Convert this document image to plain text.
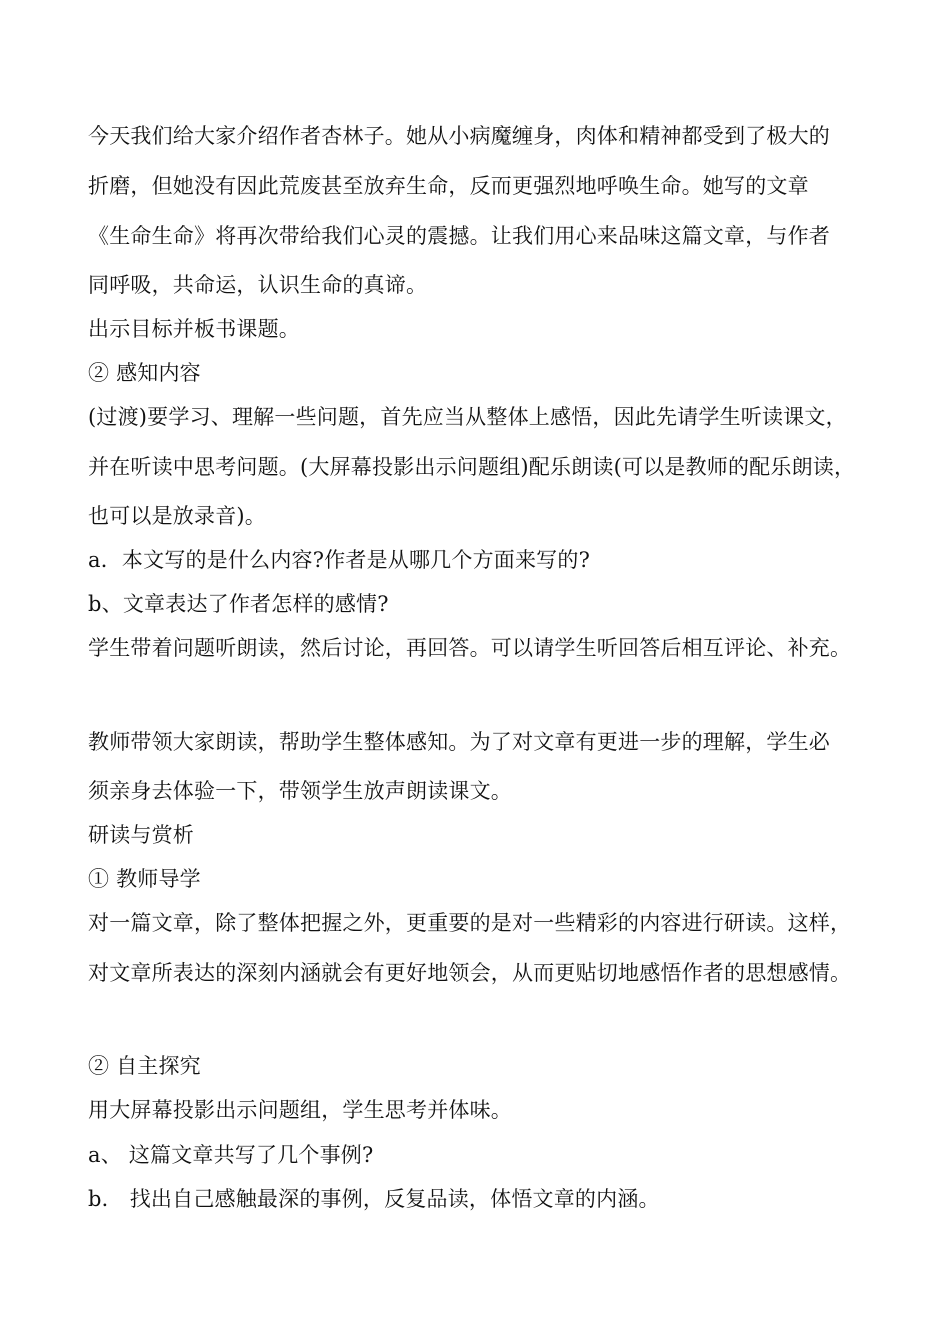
今天我们给大家介绍作者杏林子。她从小病魔缠身，肉体和精神都受到了极大的
折磨，但她没有因此荒废甚至放弃生命，反而更强烈地呼唤生命。她写的文章
《生命生命》将再次带给我们心灵的震撼。让我们用心来品味这篇文章，与作者
同呼吸，共命运，认识生命的真谛。
出示目标并板书课题。
② 感知内容
(过渡)要学习、理解一些问题，首先应当从整体上感悟，因此先请学生听读课文，
并在听读中思考问题。(大屏幕投影出示问题组)配乐朗读(可以是教师的配乐朗读，
也可以是放录音)。
a．本文写的是什么内容?作者是从哪几个方面来写的?
b、文章表达了作者怎样的感情?
学生带着问题听朗读，然后讨论，再回答。可以请学生听回答后相互评论、补充。
教师带领大家朗读，帮助学生整体感知。为了对文章有更进一步的理解，学生必
须亲身去体验一下，带领学生放声朗读课文。
研读与赏析
① 教师导学
对一篇文章，除了整体把握之外，更重要的是对一些精彩的内容进行研读。这样，
对文章所表达的深刻内涵就会有更好地领会，从而更贴切地感悟作者的思想感情。
② 自主探究
用大屏幕投影出示问题组，学生思考并体味。
a、 这篇文章共写了几个事例?
b． 找出自己感触最深的事例，反复品读，体悟文章的内涵。
